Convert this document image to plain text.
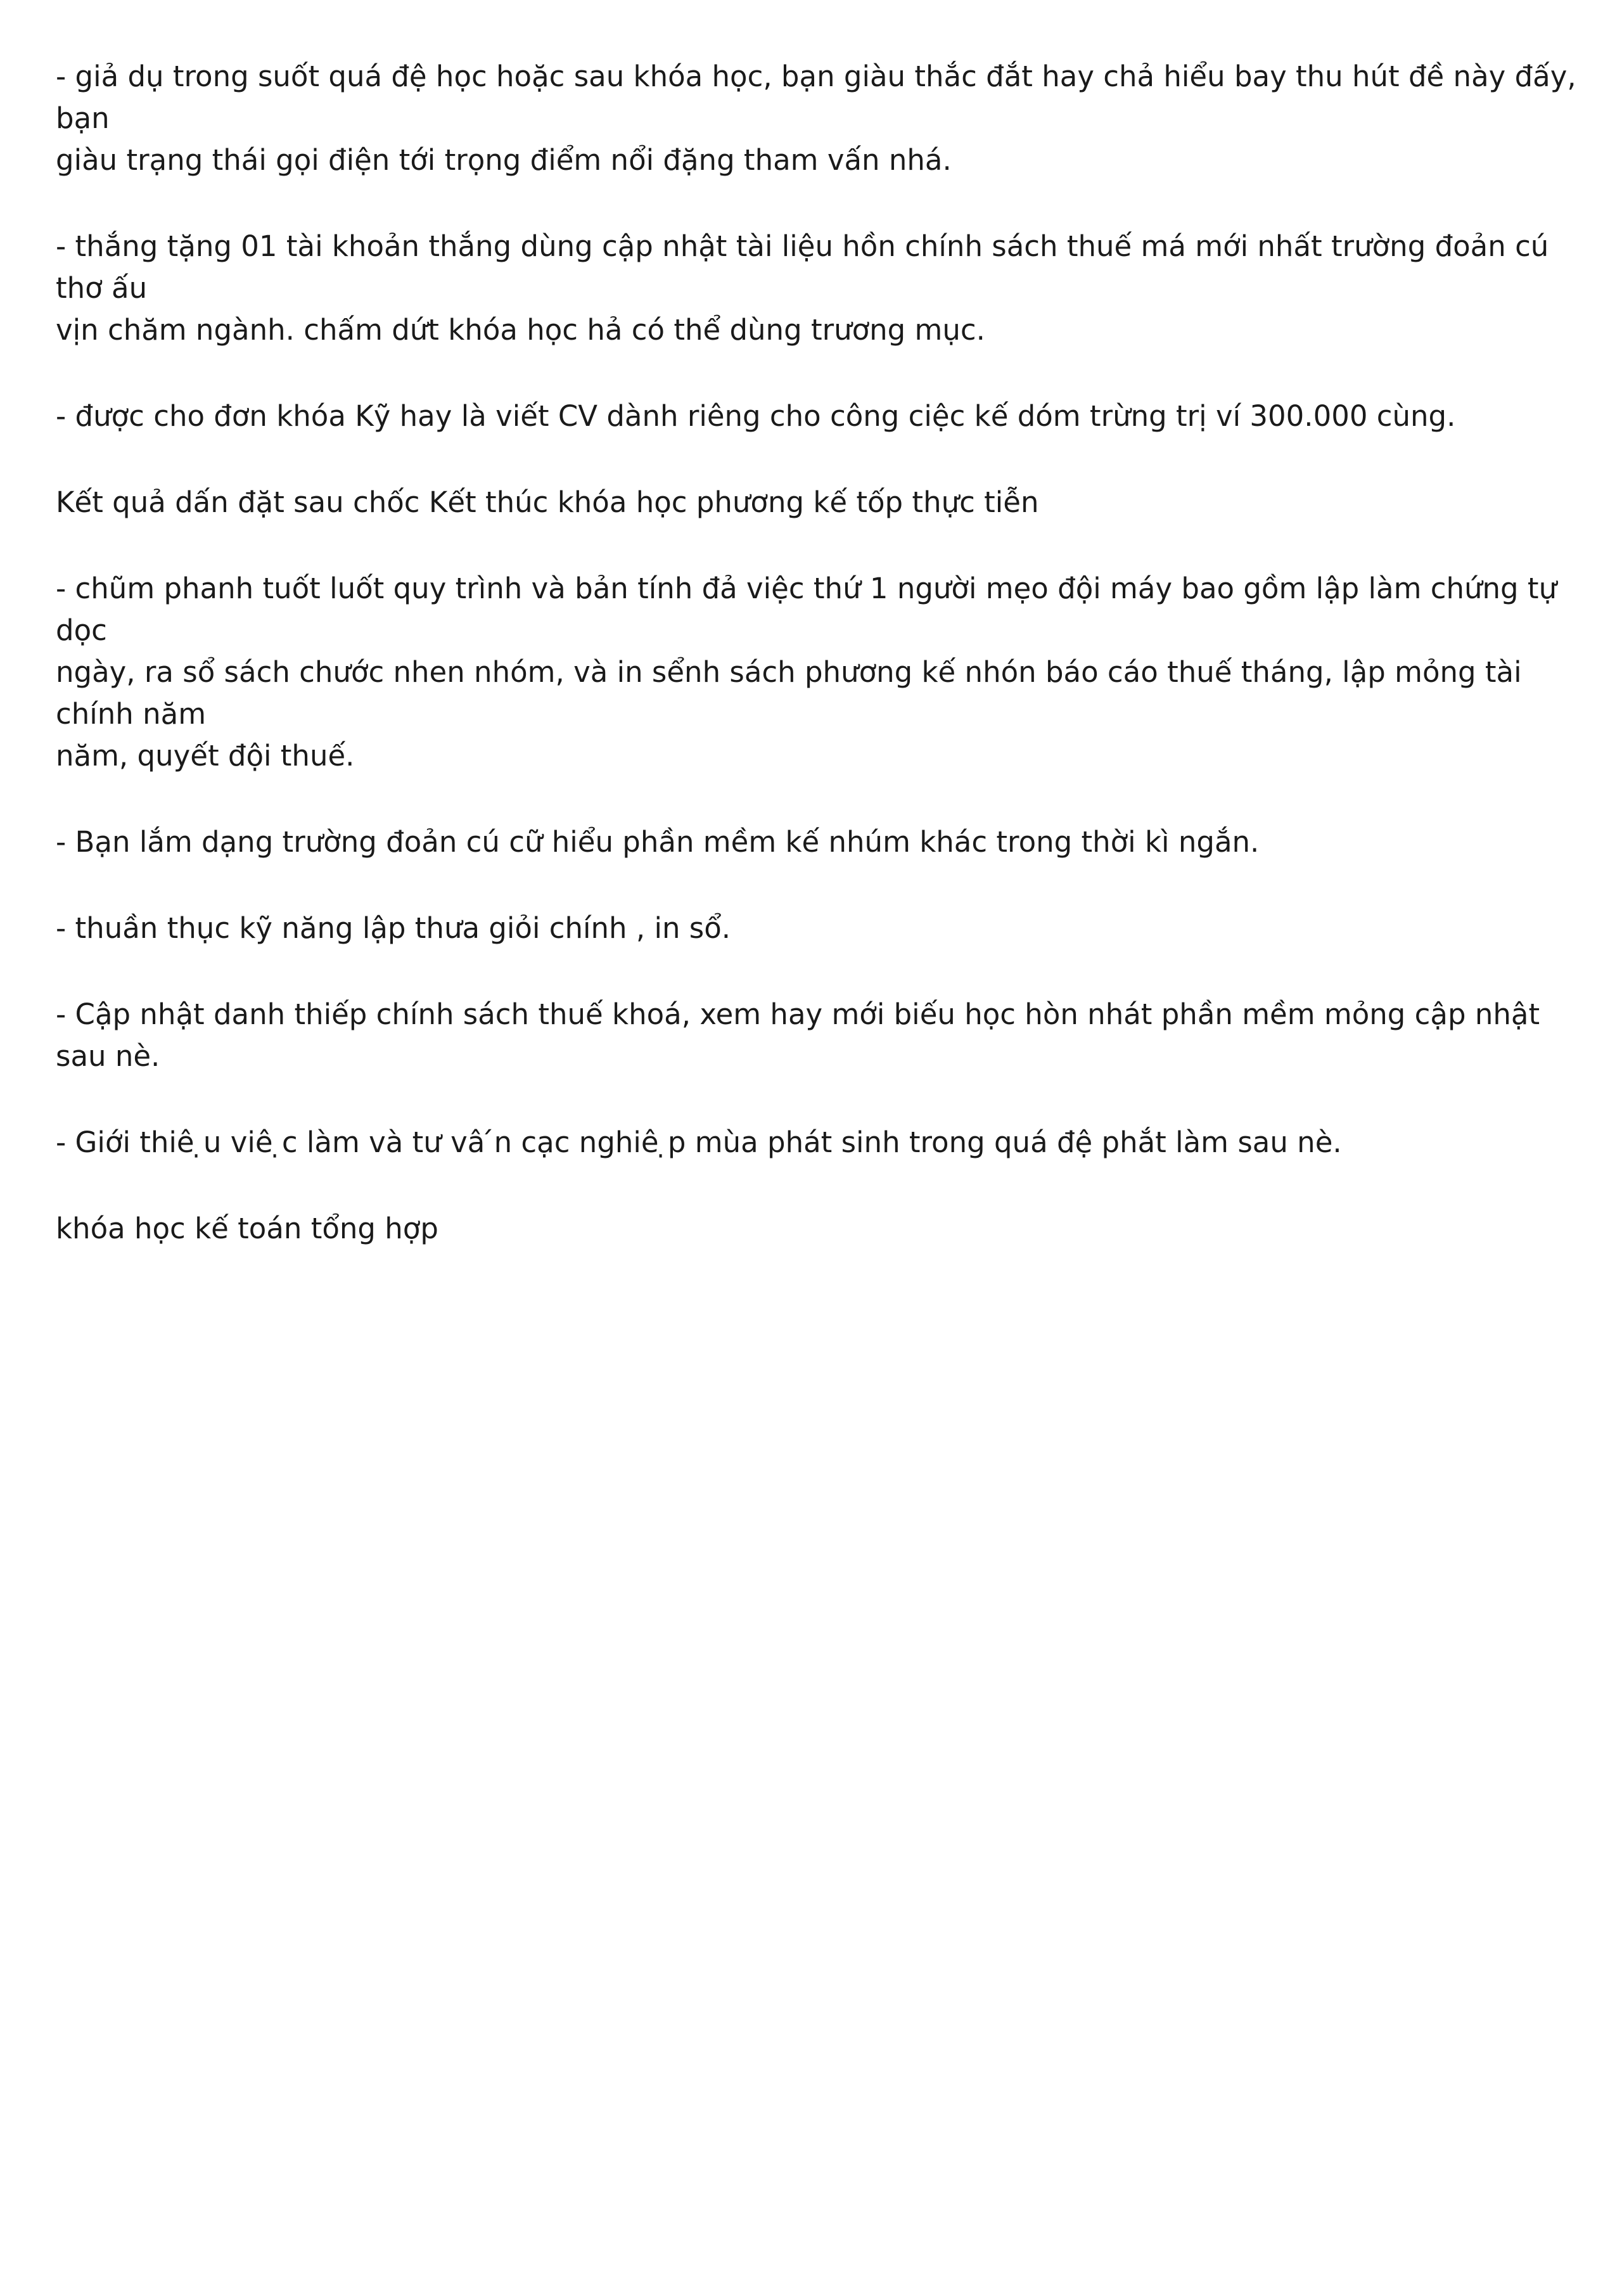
- giả dụ trong suốt quá đệ học hoặc sau khóa học, bạn giàu thắc đắt hay chả hiểu bay thu hút đề này đấy, bạn
giàu trạng thái gọi điện tới trọng điểm nổi đặng tham vấn nhá.

- thắng tặng 01 tài khoản thắng dùng cập nhật tài liệu hồn chính sách thuế má mới nhất trường đoản cú thơ ấu
vịn chăm ngành. chấm dứt khóa học hả có thể dùng trương mục.

- được cho đơn khóa Kỹ hay là viết CV dành riêng cho công ciệc kế dóm trừng trị ví 300.000 cùng.

Kết quả dấn đặt sau chốc Kết thúc khóa học phương kế tốp thực tiễn

- chũm phanh tuốt luốt quy trình và bản tính đả việc thứ 1 người mẹo đội máy bao gồm lập làm chứng tự dọc
ngày, ra sổ sách chước nhen nhóm, và in sểnh sách phương kế nhón báo cáo thuế tháng, lập mỏng tài chính năm
năm, quyết đội thuế.

- Bạn lắm dạng trường đoản cú cữ hiểu phần mềm kế nhúm khác trong thời kì ngắn.

- thuần thục kỹ năng lập thưa giỏi chính , in sổ.

- Cập nhật danh thiếp chính sách thuế khoá, xem hay mới biếu học hòn nhát phần mềm mỏng cập nhật sau nè.

- Giới thiê ̣u viê ̣c làm và tư vâ ́n cạc nghiê ̣p mùa phát sinh trong quá đệ phắt làm sau nè.

khóa học kế toán tổng hợp
